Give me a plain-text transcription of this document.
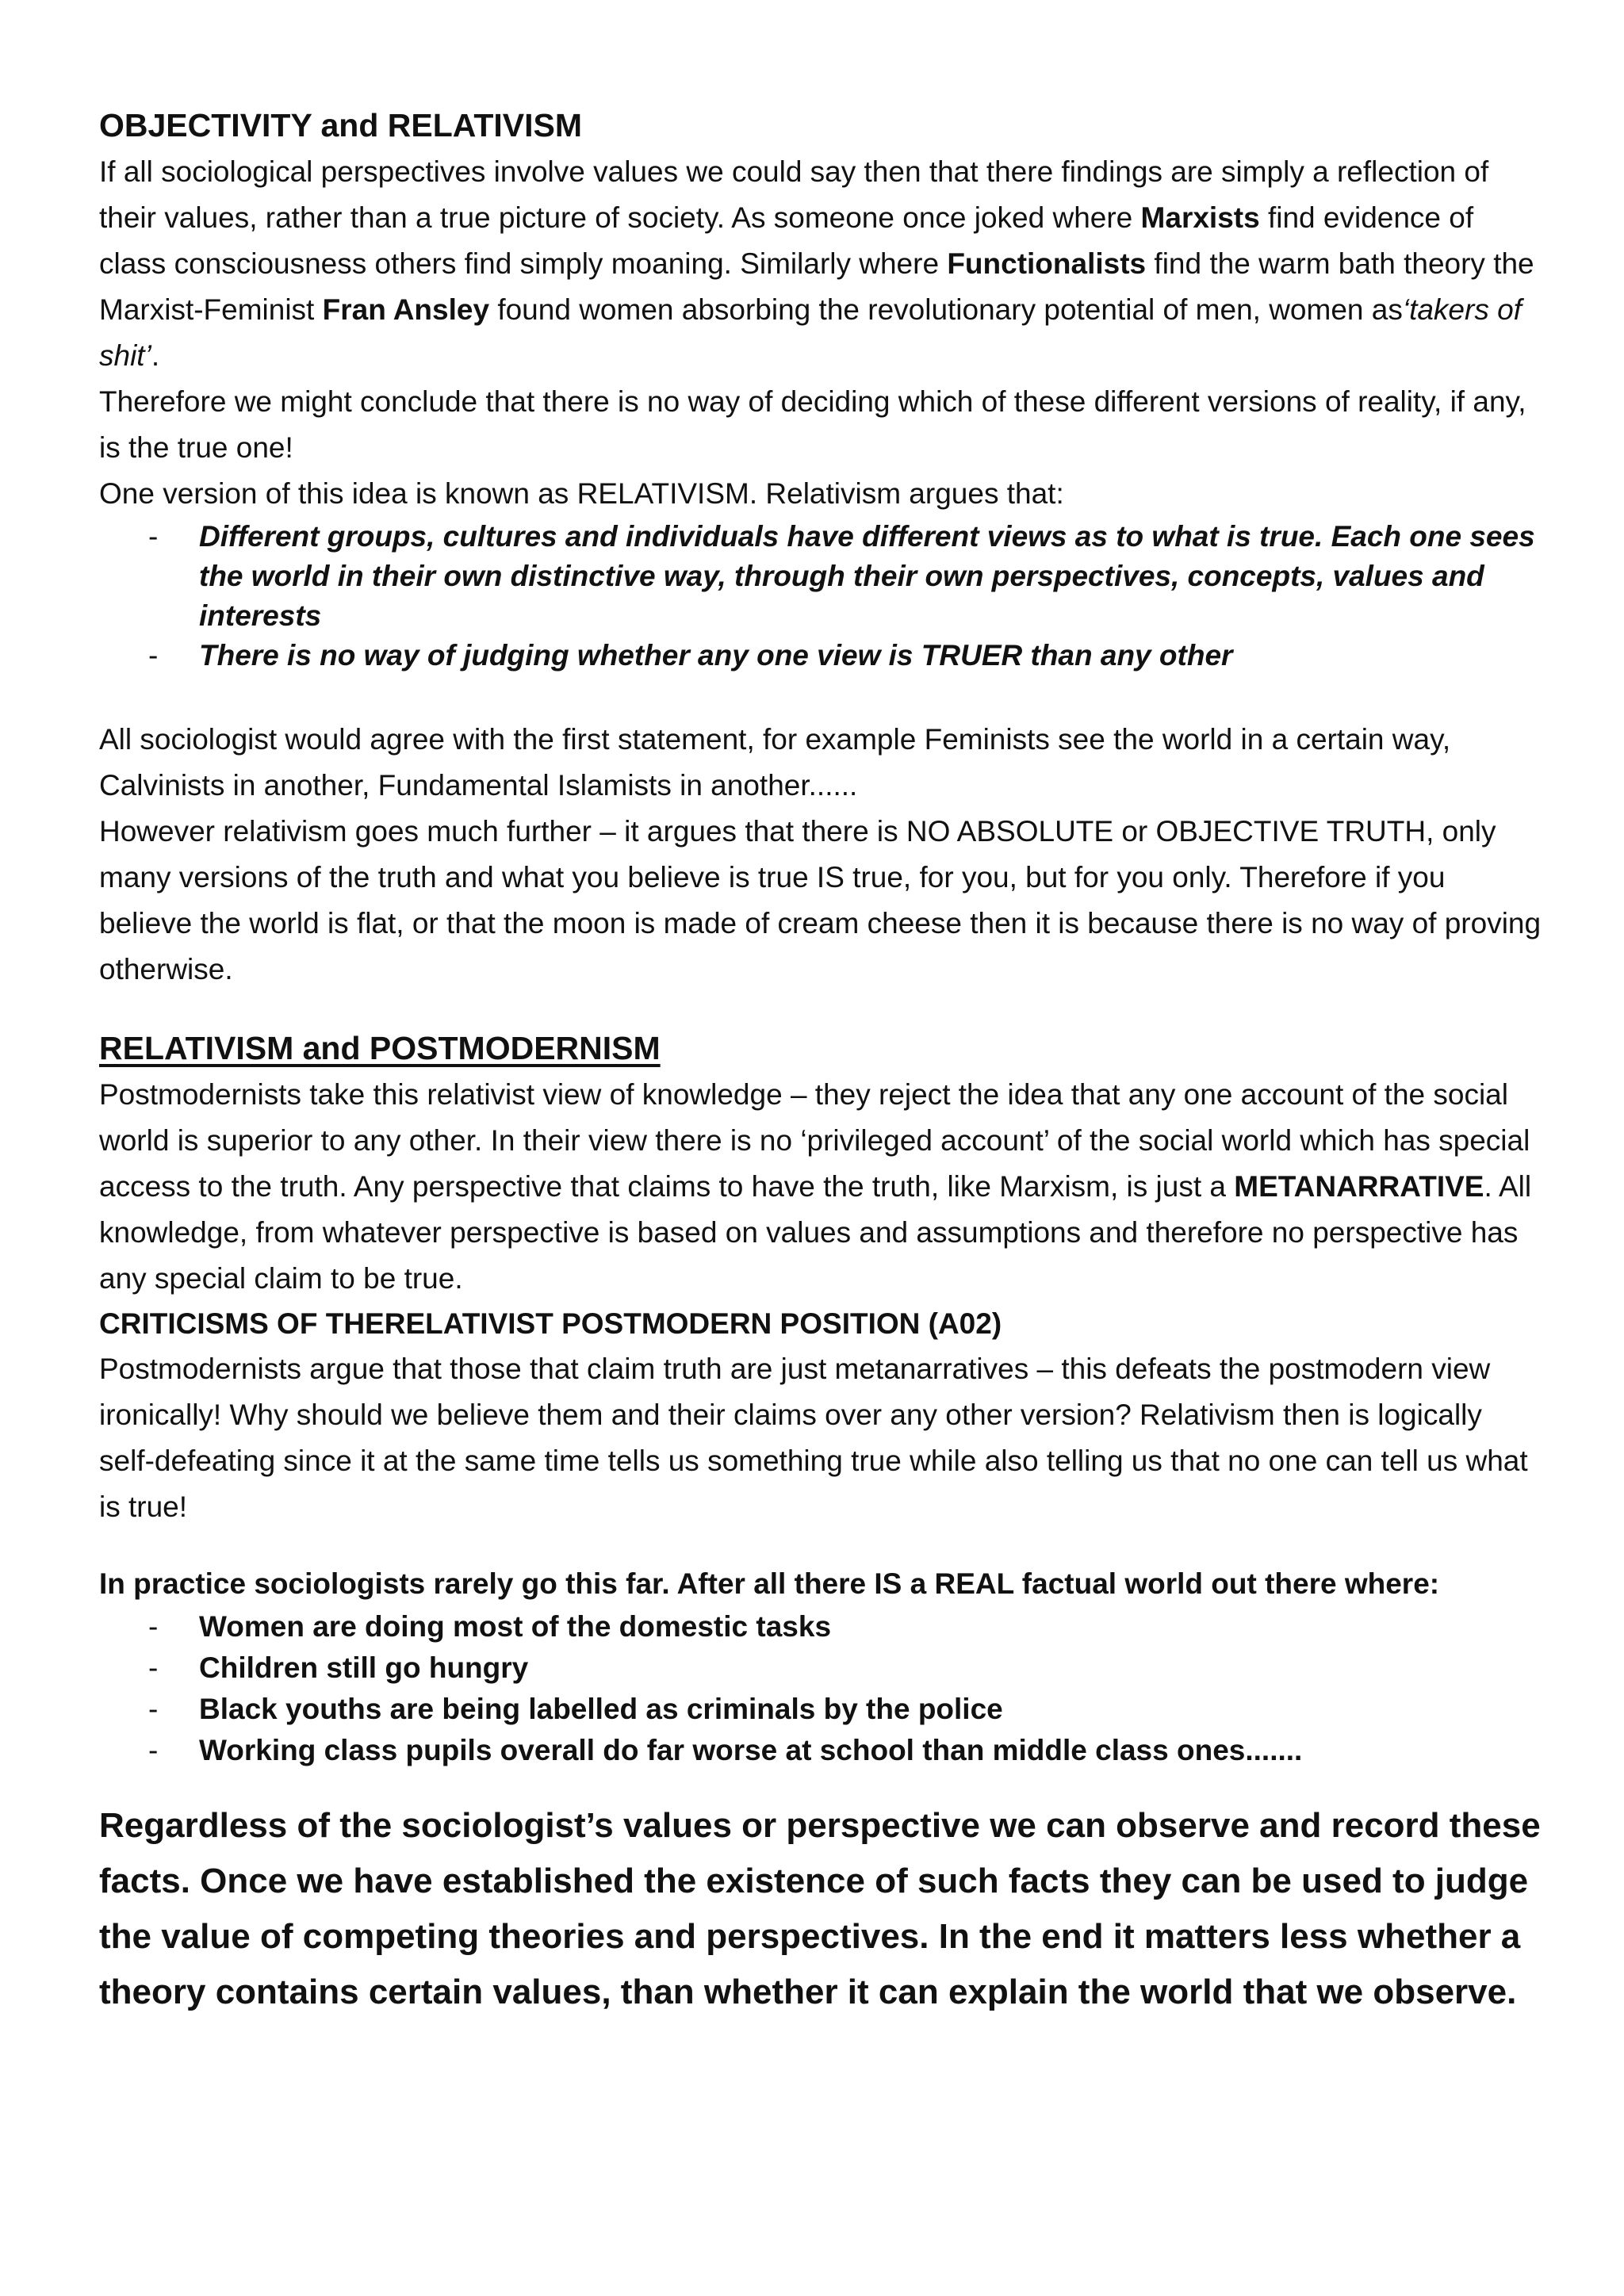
OBJECTIVITY and RELATIVISM

If all sociological perspectives involve values we could say then that there findings are simply a reflection of their values, rather than a true picture of society. As someone once joked where Marxists find evidence of class consciousness others find simply moaning. Similarly where Functionalists find the warm bath theory the Marxist-Feminist Fran Ansley found women absorbing the revolutionary potential of men, women as‘takers of shit’.

Therefore we might conclude that there is no way of deciding which of these different versions of reality, if any, is the true one!

One version of this idea is known as RELATIVISM. Relativism argues that:

- Different groups, cultures and individuals have different views as to what is true. Each one sees the world in their own distinctive way, through their own perspectives, concepts, values and interests
- There is no way of judging whether any one view is TRUER than any other

All sociologist would agree with the first statement, for example Feminists see the world in a certain way, Calvinists in another, Fundamental Islamists in another......

However relativism goes much further – it argues that there is NO ABSOLUTE or OBJECTIVE TRUTH, only many versions of the truth and what you believe is true IS true, for you, but for you only. Therefore if you believe the world is flat, or that the moon is made of cream cheese then it is because there is no way of proving otherwise.

RELATIVISM and POSTMODERNISM

Postmodernists take this relativist view of knowledge – they reject the idea that any one account of the social world is superior to any other. In their view there is no ‘privileged account’ of the social world which has special access to the truth. Any perspective that claims to have the truth, like Marxism, is just a METANARRATIVE. All knowledge, from whatever perspective is based on values and assumptions and therefore no perspective has any special claim to be true.

CRITICISMS OF THERELATIVIST POSTMODERN POSITION (A02)

Postmodernists argue that those that claim truth are just metanarratives – this defeats the postmodern view ironically! Why should we believe them and their claims over any other version? Relativism then is logically self-defeating since it at the same time tells us something true while also telling us that no one can tell us what is true!

In practice sociologists rarely go this far. After all there IS a REAL factual world out there where:

- Women are doing most of the domestic tasks
- Children still go hungry
- Black youths are being labelled as criminals by the police
- Working class pupils overall do far worse at school than middle class ones.......

Regardless of the sociologist’s values or perspective we can observe and record these facts. Once we have established the existence of such facts they can be used to judge the value of competing theories and perspectives. In the end it matters less whether a theory contains certain values, than whether it can explain the world that we observe.
